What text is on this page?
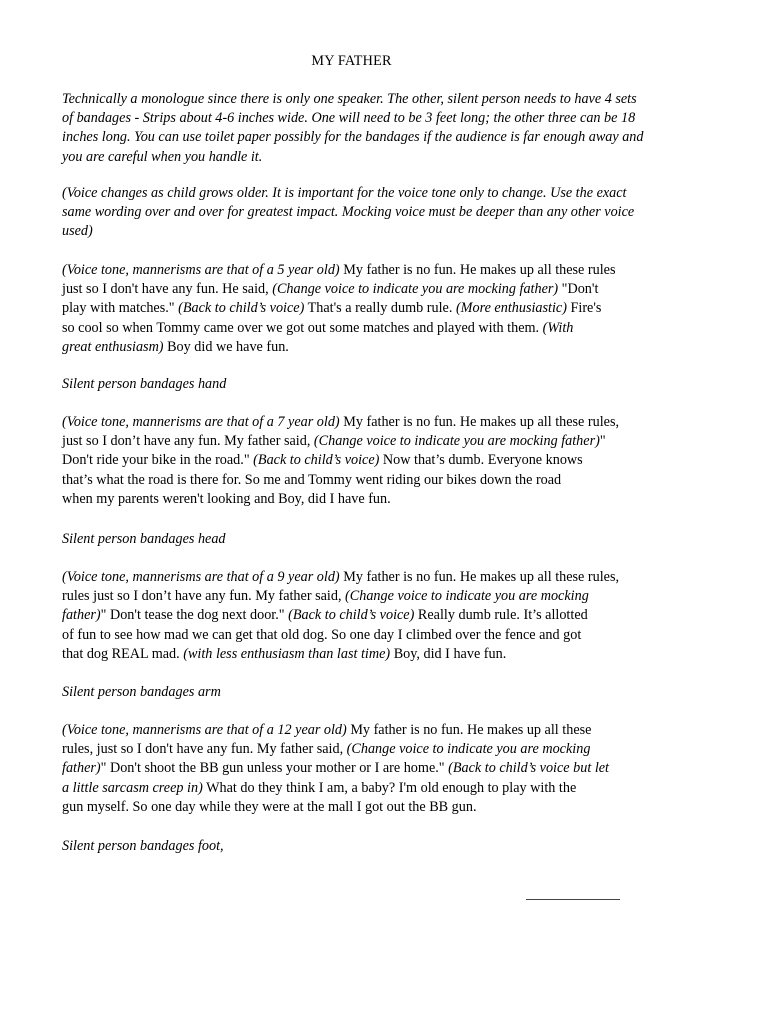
MY FATHER

Technically a monologue since there is only one speaker. The other, silent person needs to have 4 sets
of bandages - Strips about 4-6 inches wide. One will need to be 3 feet long; the other three can be 18
inches long. You can use toilet paper possibly for the bandages if the audience is far enough away and
you are careful when you handle it.

(Voice changes as child grows older. It is important for the voice tone only to change. Use the exact
same wording over and over for greatest impact. Mocking voice must be deeper than any other voice
used)

(Voice tone, mannerisms are that of a 5 year old) My father is no fun. He makes up all these rules
just so I don't have any fun. He said, (Change voice to indicate you are mocking father) "Don't
play with matches." (Back to child’s voice) That's a really dumb rule. (More enthusiastic) Fire's
so cool so when Tommy came over we got out some matches and played with them. (With
great enthusiasm) Boy did we have fun.

Silent person bandages hand

(Voice tone, mannerisms are that of a 7 year old) My father is no fun. He makes up all these rules,
just so I don’t have any fun. My father said, (Change voice to indicate you are mocking father)"
Don't ride your bike in the road." (Back to child’s voice) Now that’s dumb. Everyone knows
that’s what the road is there for. So me and Tommy went riding our bikes down the road
when my parents weren't looking and Boy, did I have fun.

Silent person bandages head

(Voice tone, mannerisms are that of a 9 year old) My father is no fun. He makes up all these rules,
rules just so I don’t have any fun. My father said, (Change voice to indicate you are mocking
father)" Don't tease the dog next door." (Back to child’s voice) Really dumb rule. It’s allotted
of fun to see how mad we can get that old dog. So one day I climbed over the fence and got
that dog REAL mad. (with less enthusiasm than last time) Boy, did I have fun.

Silent person bandages arm

(Voice tone, mannerisms are that of a 12 year old) My father is no fun. He makes up all these
rules, just so I don't have any fun. My father said, (Change voice to indicate you are mocking
father)" Don't shoot the BB gun unless your mother or I are home." (Back to child’s voice but let
a little sarcasm creep in) What do they think I am, a baby? I'm old enough to play with the
gun myself. So one day while they were at the mall I got out the BB gun.

Silent person bandages foot,
